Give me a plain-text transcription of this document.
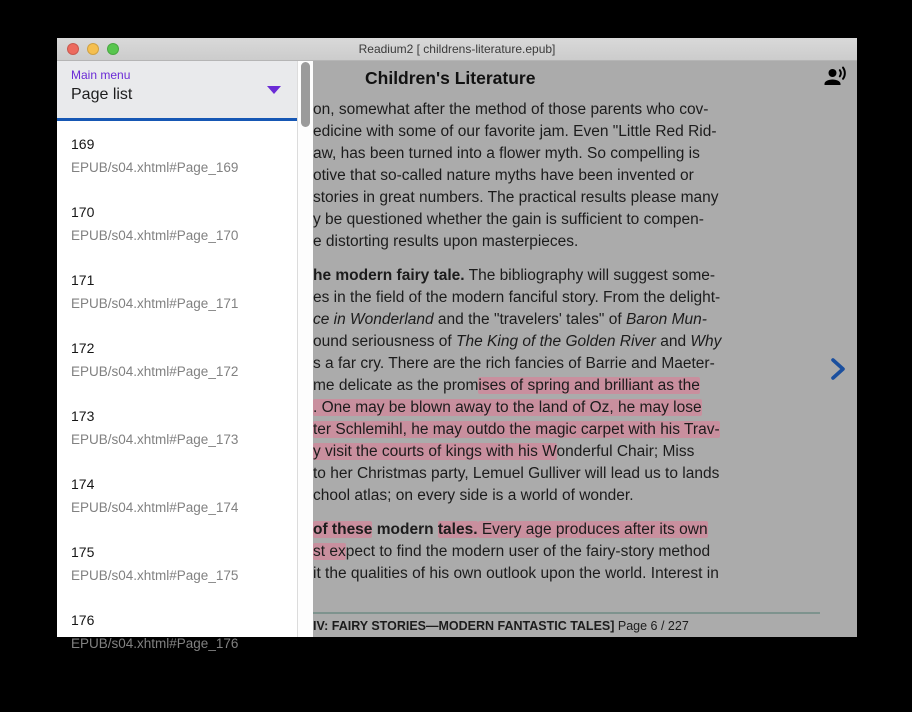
Children's Literature
on, somewhat after the method of those parents who cov-
edicine with some of our favorite jam. Even "Little Red Rid-
aw, has been turned into a flower myth. So compelling is
otive that so-called nature myths have been invented or
stories in great numbers. The practical results please many
y be questioned whether the gain is sufficient to compen-
e distorting results upon masterpieces.
he modern fairy tale. The bibliography will suggest some-
es in the field of the modern fanciful story. From the delight-
ce in Wonderland and the "travelers' tales" of Baron Mun-
ound seriousness of The King of the Golden River and Why
s a far cry. There are the rich fancies of Barrie and Maeter-
me delicate as the promises of spring and brilliant as the
. One may be blown away to the land of Oz, he may lose
ter Schlemihl, he may outdo the magic carpet with his Trav-
y visit the courts of kings with his Wonderful Chair; Miss
to her Christmas party, Lemuel Gulliver will lead us to lands
chool atlas; on every side is a world of wonder.
of these modern tales. Every age produces after its own
st expect to find the modern user of the fairy-story method
it the qualities of his own outlook upon the world. Interest in
IV: FAIRY STORIES—MODERN FANTASTIC TALES] Page 6 / 227
Main menu
Page list
169
EPUB/s04.xhtml#Page_169
170
EPUB/s04.xhtml#Page_170
171
EPUB/s04.xhtml#Page_171
172
EPUB/s04.xhtml#Page_172
173
EPUB/s04.xhtml#Page_173
174
EPUB/s04.xhtml#Page_174
175
EPUB/s04.xhtml#Page_175
176
EPUB/s04.xhtml#Page_176
Readium2 [ childrens-literature.epub]
